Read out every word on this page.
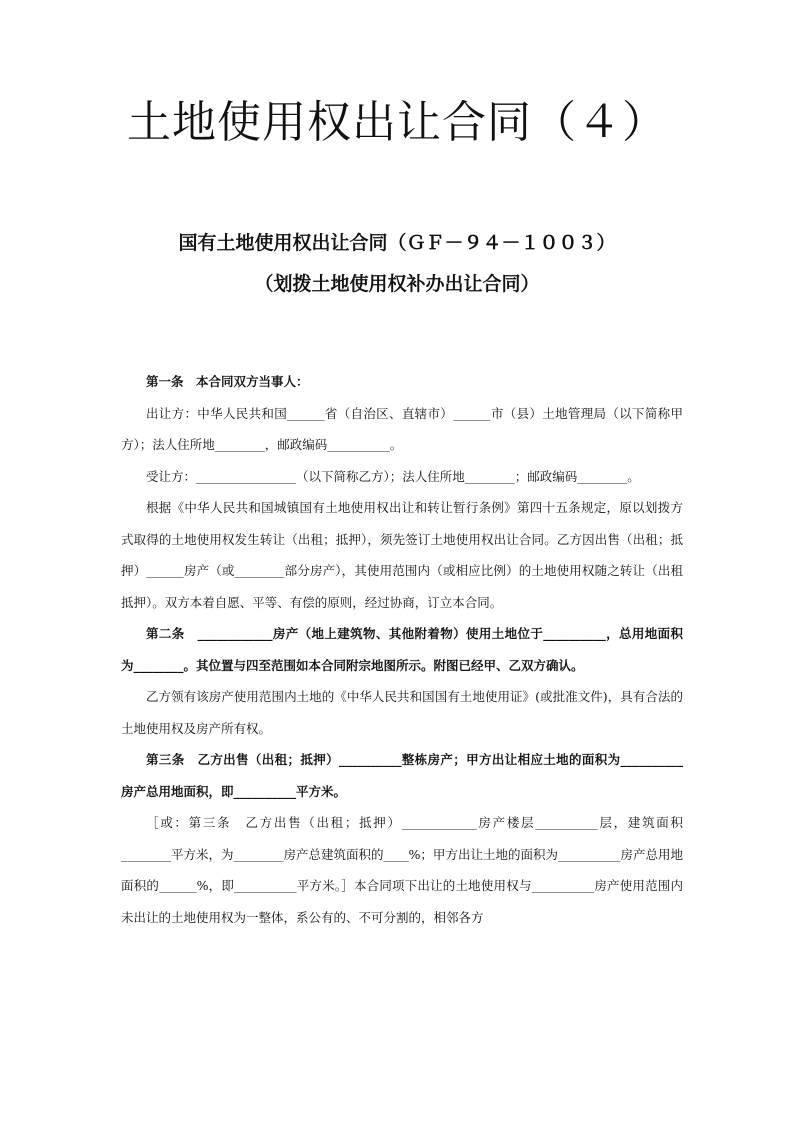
土地使用权出让合同（４）
国有土地使用权出让合同（ＧＦ－９４－１００３）
（划拨土地使用权补办出让合同）

第一条　本合同双方当事人：

出让方：中华人民共和国______省（自治区、直辖市）______市（县）土地管理局（以下简称甲方）；法人住所地________，邮政编码__________。

受让方：________________（以下简称乙方）；法人住所地________；邮政编码________。

根据《中华人民共和国城镇国有土地使用权出让和转让暂行条例》第四十五条规定，原以划拨方式取得的土地使用权发生转让（出租；抵押），须先签订土地使用权出让合同。乙方因出售（出租；抵押）______房产（或________部分房产），其使用范围内（或相应比例）的土地使用权随之转让（出租抵押）。双方本着自愿、平等、有偿的原则，经过协商，订立本合同。

第二条　____________房产（地上建筑物、其他附着物）使用土地位于__________，总用地面积为________。其位置与四至范围如本合同附宗地图所示。附图已经甲、乙双方确认。

乙方领有该房产使用范围内土地的《中华人民共和国国有土地使用证》(或批准文件)，具有合法的土地使用权及房产所有权。

第三条　乙方出售（出租；抵押）__________整栋房产；甲方出让相应土地的面积为__________房产总用地面积，即__________平方米。

［或：第三条　乙方出售（出租；抵押）____________房产楼层__________层，建筑面积________平方米，为________房产总建筑面积的____%；甲方出让土地的面积为__________房产总用地面积的______%，即__________平方米。］本合同项下出让的土地使用权与__________房产使用范围内未出让的土地使用权为一整体，系公有的、不可分割的，相邻各方
